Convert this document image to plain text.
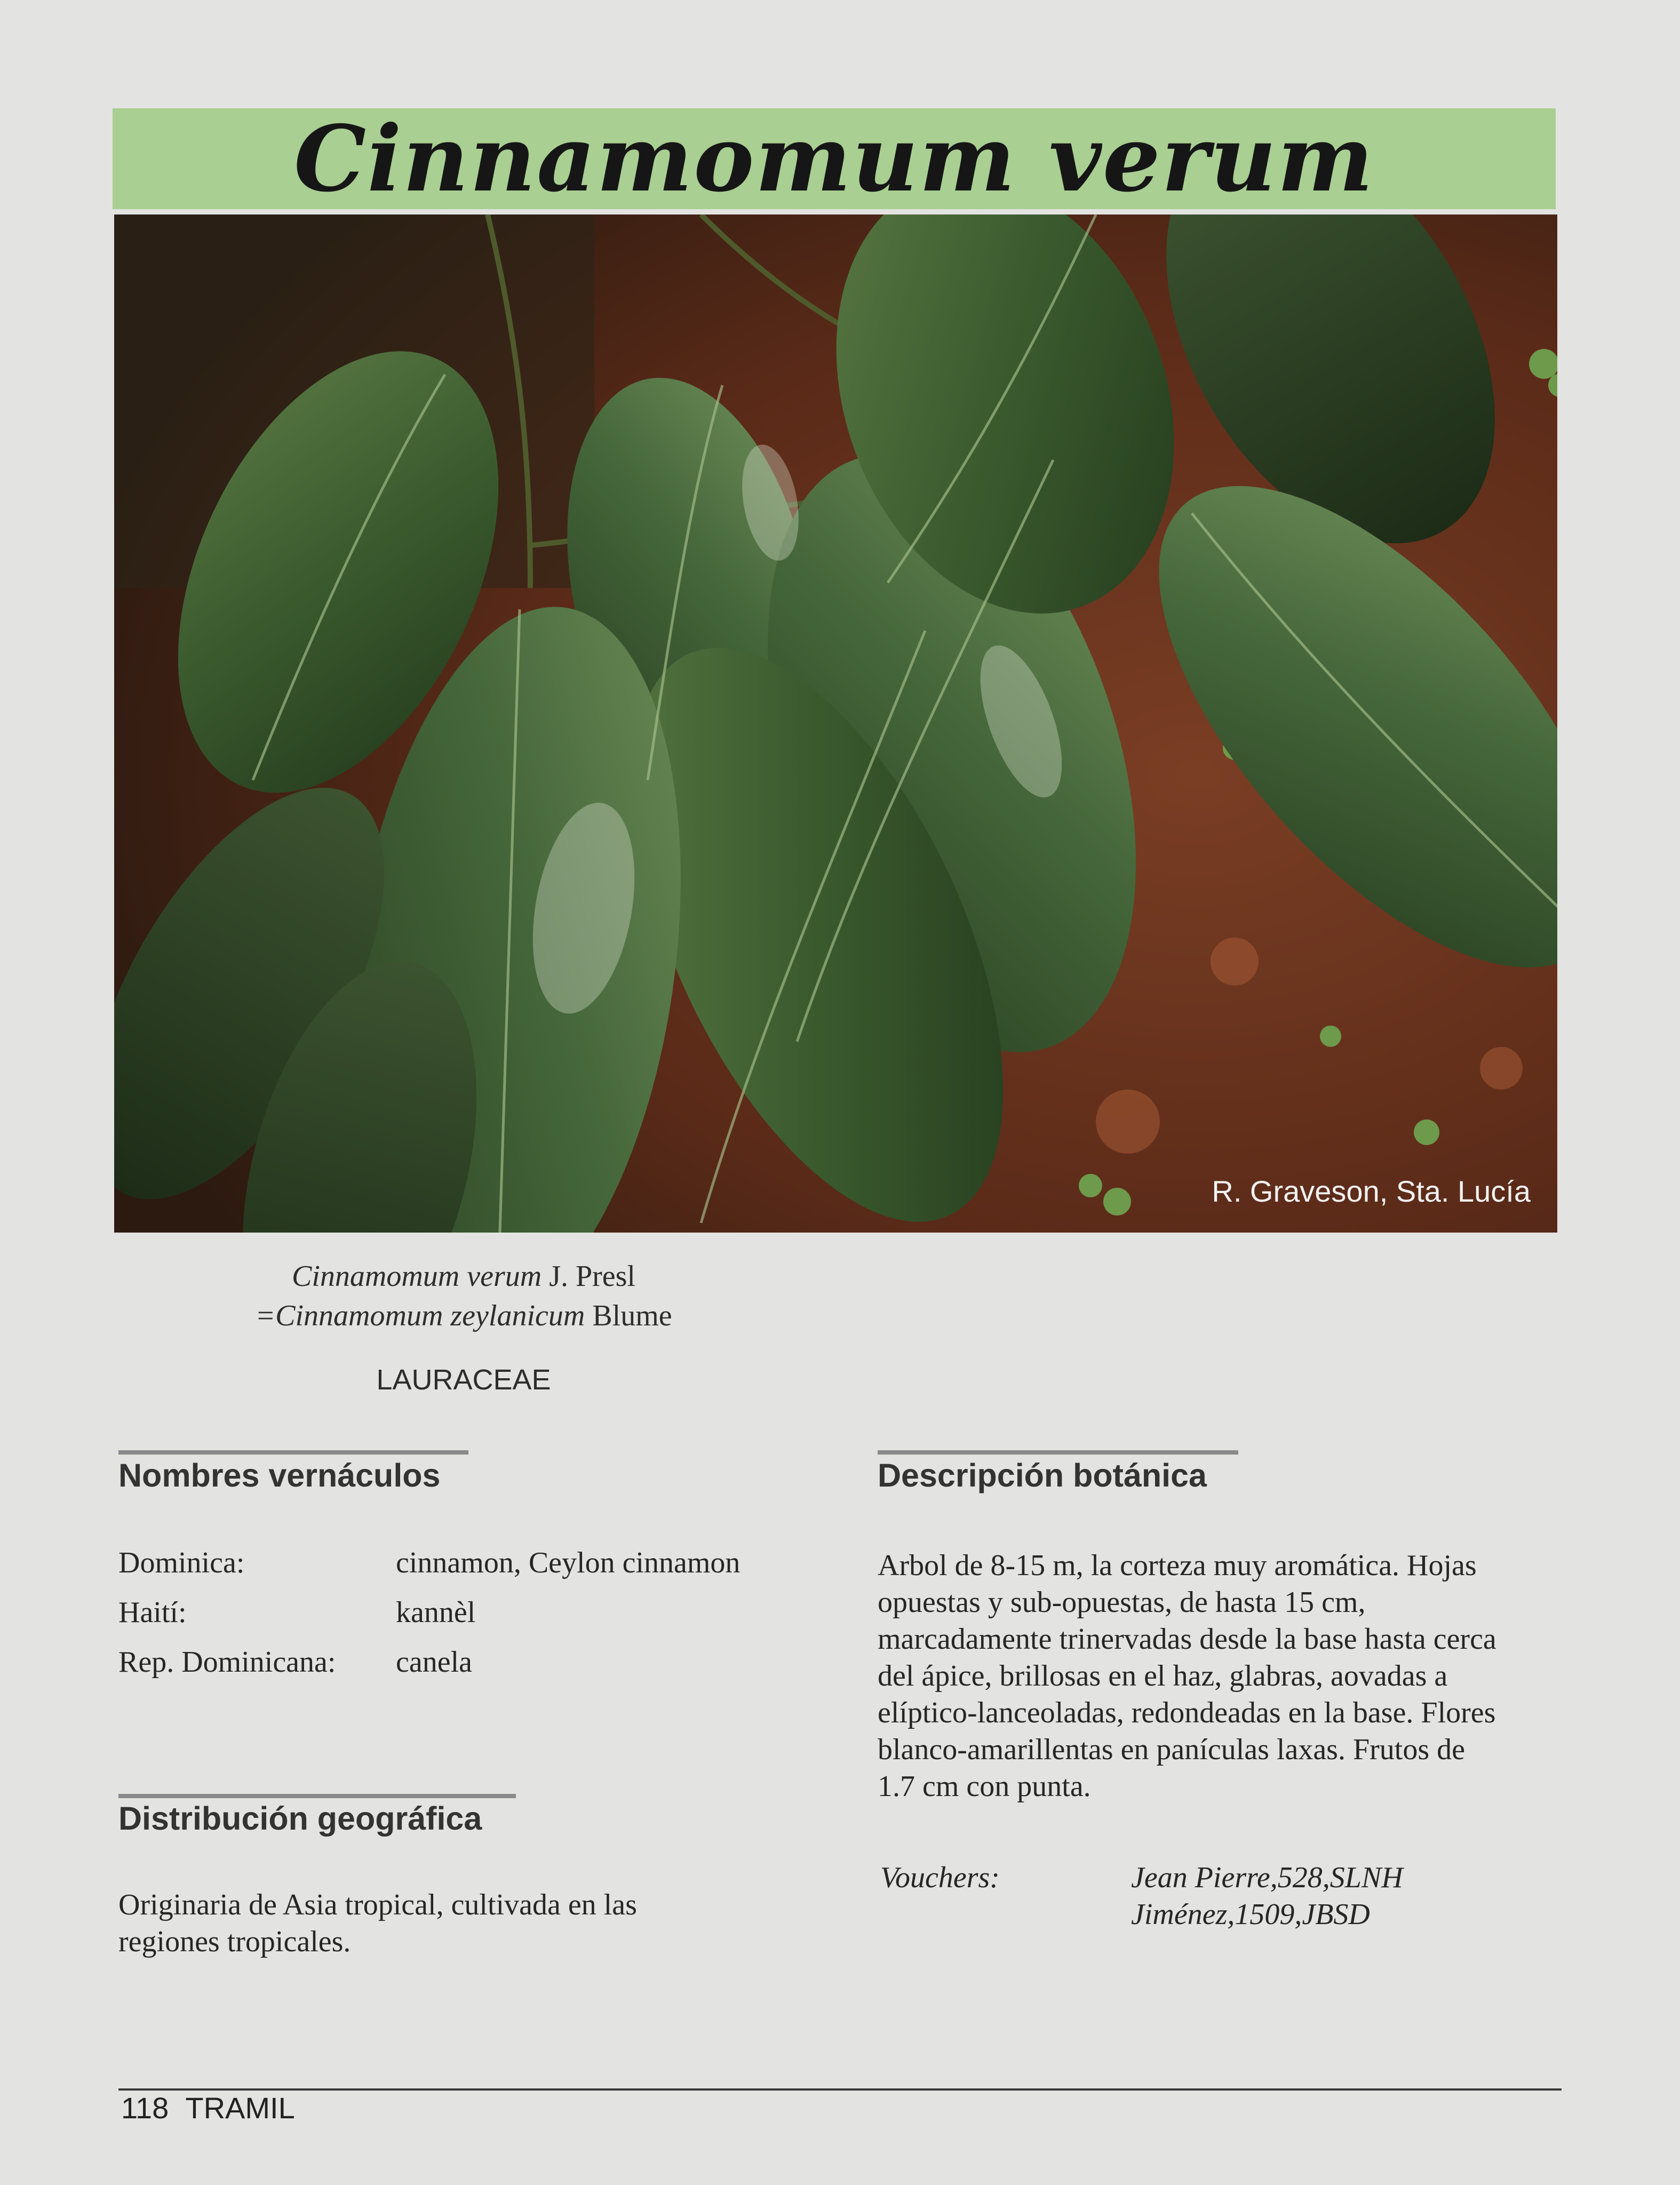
Cinnamomum verum
R. Graveson, Sta. Lucía
Cinnamomum verum J. Presl
=Cinnamomum zeylanicum Blume
LAURACEAE
Nombres vernáculos
Dominica:	cinnamon, Ceylon cinnamon
Haití:	kannèl
Rep. Dominicana:	canela
Distribución geográfica
Originaria de Asia tropical, cultivada en las
regiones tropicales.
Descripción botánica
Arbol de 8-15 m, la corteza muy aromática. Hojas
opuestas y sub-opuestas, de hasta 15 cm,
marcadamente trinervadas desde la base hasta cerca
del ápice, brillosas en el haz, glabras, aovadas a
elíptico-lanceoladas, redondeadas en la base. Flores
blanco-amarillentas en panículas laxas. Frutos de
1.7 cm con punta.
Vouchers:	Jean Pierre,528,SLNH
Jiménez,1509,JBSD
118 TRAMIL
